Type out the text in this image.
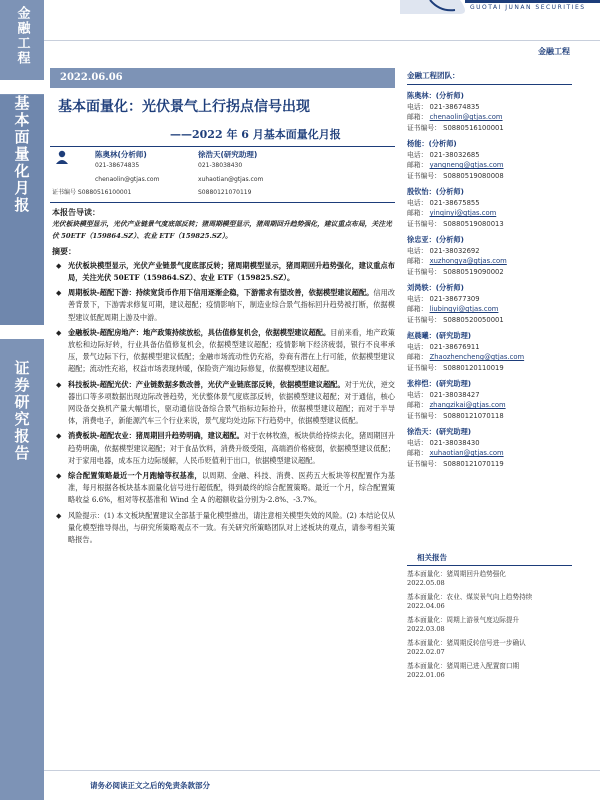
金融工程
基本面量化月报
证券研究报告
GUOTAI JUNAN SECURITIES
金融工程
2022.06.06
基本面量化：光伏景气上行拐点信号出现
——2022 年 6 月基本面量化月报
陈奥林(分析师)
021-38674835
chenaolin@gtjas.com
证书编号 S0880516100001
徐浩天(研究助理)
021-38038430
xuhaotian@gtjas.com
S0880121070119
本报告导读：
光伏板块模型显示，光伏产业链景气度底部反转；猪周期模型显示，猪周期回升趋势强化，建议重点布局，关注光伏 50ETF（159864.SZ）、农业 ETF（159825.SZ）。
摘要：
◆ 光伏板块模型显示，光伏产业链景气度底部反转；猪周期模型显示，猪周期回升趋势强化，建议重点布局，关注光伏 50ETF（159864.SZ）、农业 ETF（159825.SZ）。
◆ 周期板块-超配下游：持续宽货币作用下信用逐渐企稳，下游需求有望改善，依据模型建议超配。信用改善背景下，下游需求修复可期，建议超配；疫情影响下，制造业综合景气指标回升趋势被打断，依据模型建议低配周期上游及中游。
◆ 金融板块-超配房地产：地产政策持续放松，具估值修复机会，依据模型建议超配。目前来看，地产政策放松和边际好转，行业具备估值修复机会，依据模型建议超配；疫情影响下经济疲弱，银行不良率承压，景气边际下行，依据模型建议低配；金融市场流动性仍充裕，券商有潜在上行可能，依据模型建议超配；流动性充裕，权益市场表现转暖，保险资产端边际修复，依据模型建议超配。
◆ 科技板块-超配光伏：产业链数据多数改善，光伏产业链底部反转，依据模型建议超配。对于光伏，逆交器出口等多项数据出现边际改善趋势，光伏整体景气度底部反转，依据模型建议超配；对于通信，核心网设备交换机产量大幅增长，驱动通信设备综合景气指标边际抬升，依据模型建议超配；而对于半导体，消费电子，新能源汽车三个行业来说，景气度均处边际下行趋势中，依据模型建议低配。
◆ 消费板块-超配农业：猪周期回升趋势明确，建议超配。对于农林牧渔，板块供给持续去化，猪周期回升趋势明确，依据模型建议超配；对于食品饮料，消费升级受阻，高端酒价格疲弱，依据模型建议低配；对于家用电器，成本压力边际缓解，人民币贬值利于出口，依据模型建议超配。
◆ 综合配置策略最近一个月跑输等权基准，以周期、金融、科技、消费、医药五大板块等权配置作为基准，每月根据各板块基本面量化信号进行超低配，得到最终的综合配置策略。最近一个月，综合配置策略收益 6.6%，相对等权基准和 Wind 全 A 的超额收益分别为-2.8%、-3.7%。
◆ 风险提示：(1) 本文板块配置建议全部基于量化模型推出，请注意相关模型失效的风险。(2) 本结论仅从量化模型推导得出，与研究所策略观点不一致。有关研究所策略团队对上述板块的观点，请参考相关策略报告。
金融工程团队：
陈奥林：(分析师)
电话： 021-38674835
邮箱： chenaolin@gtjas.com
证书编号： S0880516100001
杨能：(分析师)
电话： 021-38032685
邮箱： yangneng@gtjas.com
证书编号： S0880519080008
殷钦怡：(分析师)
电话： 021-38675855
邮箱： yinqinyi@gtjas.com
证书编号： S0880519080013
徐忠亚：(分析师)
电话： 021-38032692
邮箱： xuzhongya@gtjas.com
证书编号： S0880519090002
刘昺轶：(分析师)
电话： 021-38677309
邮箱： liubingyi@gtjas.com
证书编号： S0880520050001
赵晨曦：(研究助理)
电话： 021-38676911
邮箱： Zhaozhencheng@gtjas.com
证书编号： S0880120110019
张梓恺：(研究助理)
电话： 021-38038427
邮箱： zhangzikai@gtjas.com
证书编号： S0880121070118
徐浩天：(研究助理)
电话： 021-38038430
邮箱： xuhaotian@gtjas.com
证书编号： S0880121070119
相关报告
基本面量化：猪周期回升趋势强化
2022.05.08
基本面量化：农业、煤炭景气向上趋势持续
2022.04.06
基本面量化：周期上游景气度边际提升
2022.03.08
基本面量化：猪周期反转信号进一步确认
2022.02.07
基本面量化：猪周期已进入配置窗口期
2022.01.06
请务必阅读正文之后的免责条款部分
